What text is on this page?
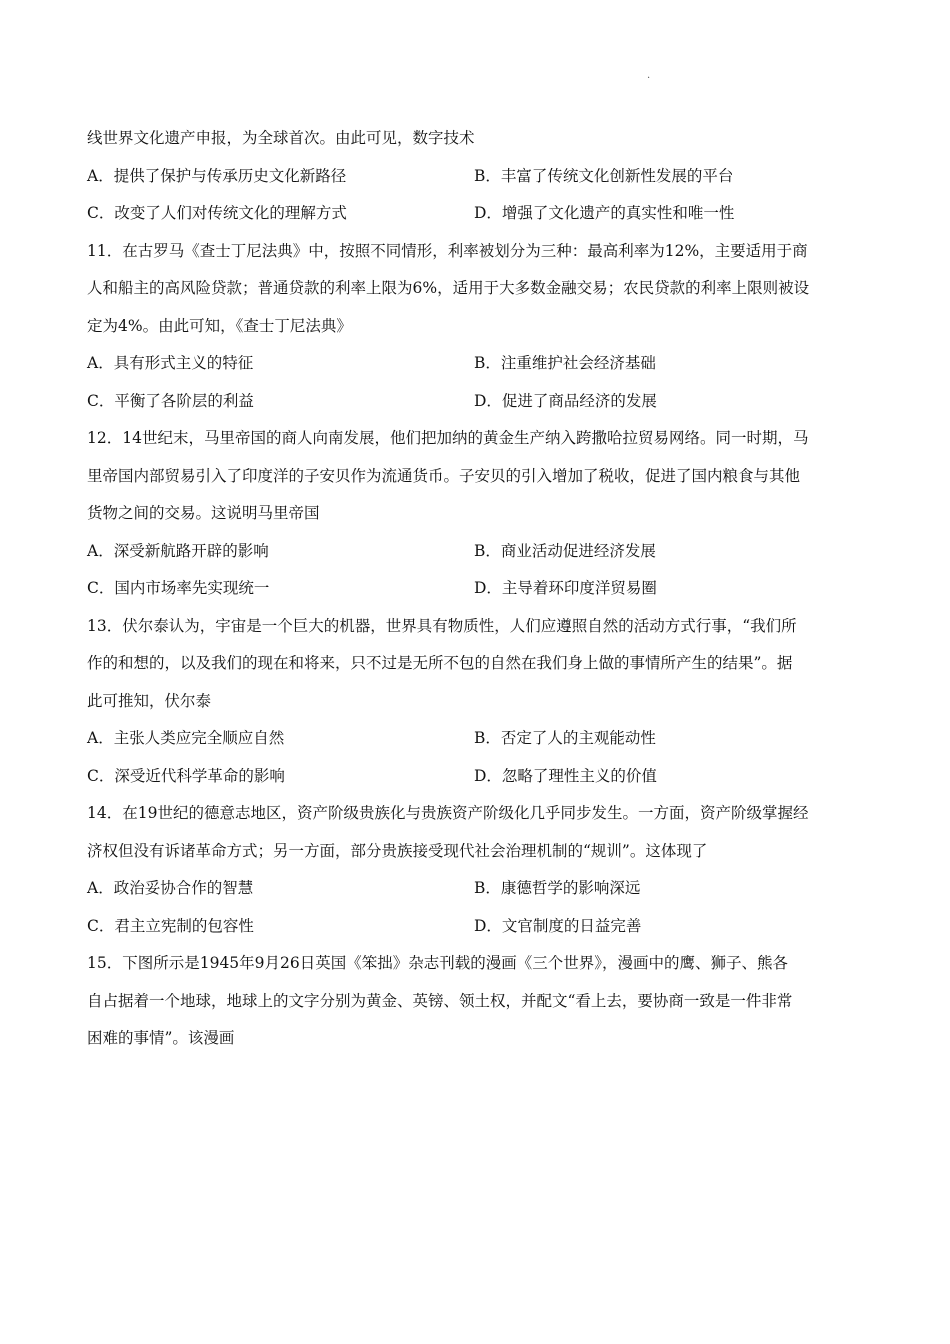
.

线世界文化遗产申报，为全球首次。由此可见，数字技术

A．提供了保护与传承历史文化新路径	B．丰富了传统文化创新性发展的平台
C．改变了人们对传统文化的理解方式	D．增强了文化遗产的真实性和唯一性

11．在古罗马《查士丁尼法典》中，按照不同情形，利率被划分为三种：最高利率为12%，主要适用于商

人和船主的高风险贷款；普通贷款的利率上限为6%，适用于大多数金融交易；农民贷款的利率上限则被设

定为4%。由此可知，《查士丁尼法典》

A．具有形式主义的特征	B．注重维护社会经济基础
C．平衡了各阶层的利益	D．促进了商品经济的发展

12．14世纪末，马里帝国的商人向南发展，他们把加纳的黄金生产纳入跨撒哈拉贸易网络。同一时期，马

里帝国内部贸易引入了印度洋的子安贝作为流通货币。子安贝的引入增加了税收，促进了国内粮食与其他

货物之间的交易。这说明马里帝国

A．深受新航路开辟的影响	B．商业活动促进经济发展
C．国内市场率先实现统一	D．主导着环印度洋贸易圈

13．伏尔泰认为，宇宙是一个巨大的机器，世界具有物质性，人们应遵照自然的活动方式行事，“我们所

作的和想的，以及我们的现在和将来，只不过是无所不包的自然在我们身上做的事情所产生的结果”。据

此可推知，伏尔泰

A．主张人类应完全顺应自然	B．否定了人的主观能动性
C．深受近代科学革命的影响	D．忽略了理性主义的价值

14．在19世纪的德意志地区，资产阶级贵族化与贵族资产阶级化几乎同步发生。一方面，资产阶级掌握经

济权但没有诉诸革命方式；另一方面，部分贵族接受现代社会治理机制的“规训”。这体现了

A．政治妥协合作的智慧	B．康德哲学的影响深远
C．君主立宪制的包容性	D．文官制度的日益完善

15．下图所示是1945年9月26日英国《笨拙》杂志刊载的漫画《三个世界》，漫画中的鹰、狮子、熊各

自占据着一个地球，地球上的文字分别为黄金、英镑、领土权，并配文“看上去，要协商一致是一件非常

困难的事情”。该漫画
